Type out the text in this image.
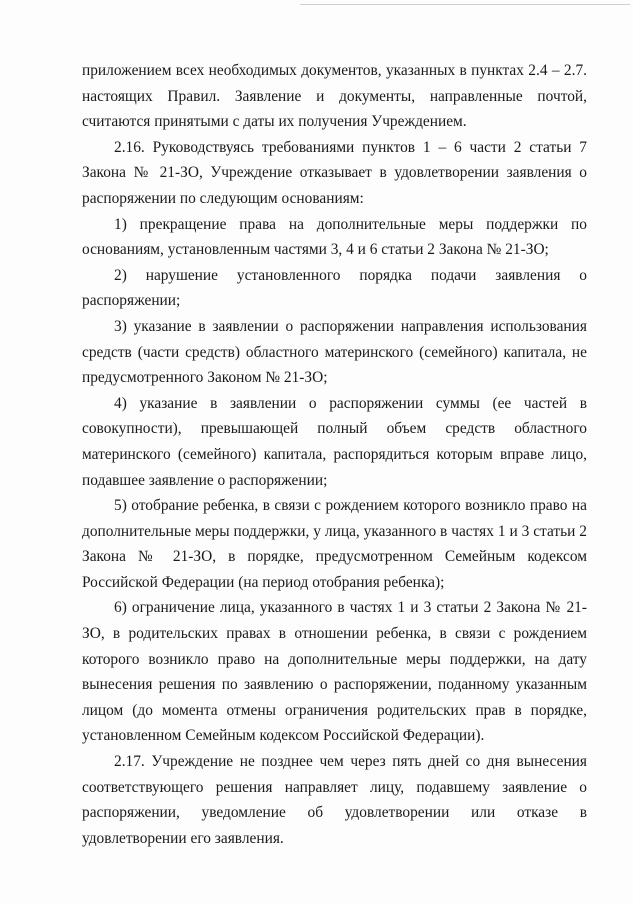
приложением всех необходимых документов, указанных в пунктах 2.4 – 2.7. настоящих Правил. Заявление и документы, направленные почтой, считаются принятыми с даты их получения Учреждением.

2.16. Руководствуясь требованиями пунктов 1 – 6 части 2 статьи 7 Закона № 21-ЗО, Учреждение отказывает в удовлетворении заявления о распоряжении по следующим основаниям:

1) прекращение права на дополнительные меры поддержки по основаниям, установленным частями 3, 4 и 6 статьи 2 Закона № 21-ЗО;

2) нарушение установленного порядка подачи заявления о распоряжении;

3) указание в заявлении о распоряжении направления использования средств (части средств) областного материнского (семейного) капитала, не предусмотренного Законом № 21-ЗО;

4) указание в заявлении о распоряжении суммы (ее частей в совокупности), превышающей полный объем средств областного материнского (семейного) капитала, распорядиться которым вправе лицо, подавшее заявление о распоряжении;

5) отобрание ребенка, в связи с рождением которого возникло право на дополнительные меры поддержки, у лица, указанного в частях 1 и 3 статьи 2 Закона № 21-ЗО, в порядке, предусмотренном Семейным кодексом Российской Федерации (на период отобрания ребенка);

6) ограничение лица, указанного в частях 1 и 3 статьи 2 Закона № 21-ЗО, в родительских правах в отношении ребенка, в связи с рождением которого возникло право на дополнительные меры поддержки, на дату вынесения решения по заявлению о распоряжении, поданному указанным лицом (до момента отмены ограничения родительских прав в порядке, установленном Семейным кодексом Российской Федерации).

2.17. Учреждение не позднее чем через пять дней со дня вынесения соответствующего решения направляет лицу, подавшему заявление о распоряжении, уведомление об удовлетворении или отказе в удовлетворении его заявления.
